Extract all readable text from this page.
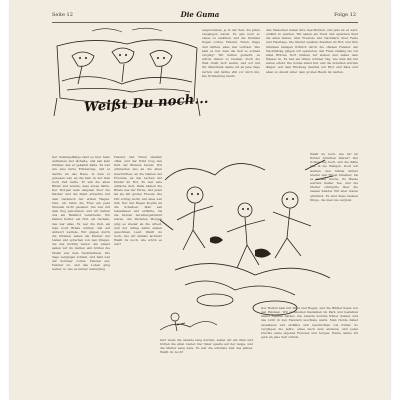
Seite 12	Die Guma	Folge 12
Weißt Du noch...
Der Selbstgefällige fand es hier beim Aufstehen und lächelte, und sah kein Zimmer, das er gekannt hatte. Es war wie eine ferne Erinnerung, und er dachte an das Haus, in dem er gewesen war, an die Zeit, in der man noch Zeit hatte. Er sah die alten Bilder und wusste, dass etwas fehlte. Der Morgen kam langsam über die Dächer, und die Stadt erwachte mit dem Geräusch der ersten Wagen. Nun, ich hatte die Frau ein paar Stunden nicht gesehen. Sie war mit dem Zug gekommen, und wir hatten uns am Bahnhof verabredet. Ein kleiner Koffer, ein Hut, ein Lächeln, das war alles. Es war die Zeit, als man noch Briefe schrieb und auf Antwort wartete. Wir gingen durch die Straßen, sahen die Fenster der Läden und sprachen von den Dingen, die uns wichtig waren. Am Abend saßen wir im Garten und hörten die Musik aus dem Nachbarhaus. Die Tage vergingen schnell, und bald war der Sommer vorbei. Fenster auf, Fenster zu, und das Leben ging weiter, so wie es immer weiterging.
Fenster und Türen standen offen, und der Wind trug den Duft der Blumen herein. Wir erinnerten uns an die alten Geschichten, an die Namen der Freunde, an das Lachen der Kinder im Hof. Es war eine einfache Zeit. Dann kamen die Briefe aus der Ferne, und jeder las sie mit großer Freude. Die Uhr schlug zwölf, und alles war still. Nur der Regen klopfte an die Scheiben. Man saß beisammen und erzählte, bis die Kerzen heruntergebrannt waren. Am nächsten Morgen ging es wieder an die Arbeit, und der Alltag nahm seinen gewohnten Lauf. Weißt du noch, wie wir damals lachten? Weißt du noch, wie schön es war?
ausprobieren, je in der Zeit, die Jahre vergangen waren. Es gab noch so vieles zu erzählen, und die Stunden flogen vorbei. Fenster, Türen, Wege und Gärten, alles war vertraut. Wie kam es nur, dass die Zeit so schnell verging? Wir hatten gedacht, es würde immer so bleiben. Doch die Welt dreht sich weiter, und wir mit ihr. Manchmal denke ich an jene Tage zurück und lächle still vor mich hin. Die Erinnerung bleibt.
Alle Menschen haben ihre Geschichten, und jede ist es wert, erzählt zu werden. Wir saßen am Tisch und sprachen über die alten Zeiten, über Freunde und Nachbarn, über Feste und Feiertage. Die Kinder spielten draußen im Hof, und ihre Stimmen klangen fröhlich durch die offenen Fenster. Am Nachmittag gingen wir spazieren, den Fluss entlang bis zur alten Brücke. Dort blieben wir stehen und sahen dem Wasser zu. Es war ein stiller, schöner Tag, wie man ihn nur selten erlebt. Die Sonne stand tief, und die Schatten wurden länger. Auf dem Rückweg kauften wir Brot und Käse und aßen zu Abend unter dem großen Baum im Garten.
Weißt du noch, wie wir im Winter Schlitten fuhren? Der Schnee lag hoch, und die Kälte biss in die Wangen. Doch wir lachten und fuhren immer wieder den Hügel hinunter, bis es dunkel wurde. Zu Hause wartete heißer Tee, und die Mutter schimpfte über die nassen Kleider. Wir aber waren glücklich. Es sind diese kleinen Dinge, die man nie vergisst.
Und wenn die Abende lang wurden, saßen wir am Ofen und hörten die alten Lieder. Der Vater spielte auf der Geige, und die Mutter sang dazu. Es war die schönste Zeit des Jahres. Weißt du noch?
Der Herbst kam mit Wind und Regen, und die Blätter fielen von den Bäumen. Wir sammelten Kastanien im Park und bastelten kleine Figuren daraus. Die Abende wurden früher dunkel, und das Licht in den Fenstern leuchtete warm. Man rückte näher zusammen und erzählte sich Geschichten von früher. So vergingen die Jahre, eines nach dem anderen, und jedes brachte seine eigenen Freuden und Sorgen. Heute denke ich gern an jene Zeit zurück.
